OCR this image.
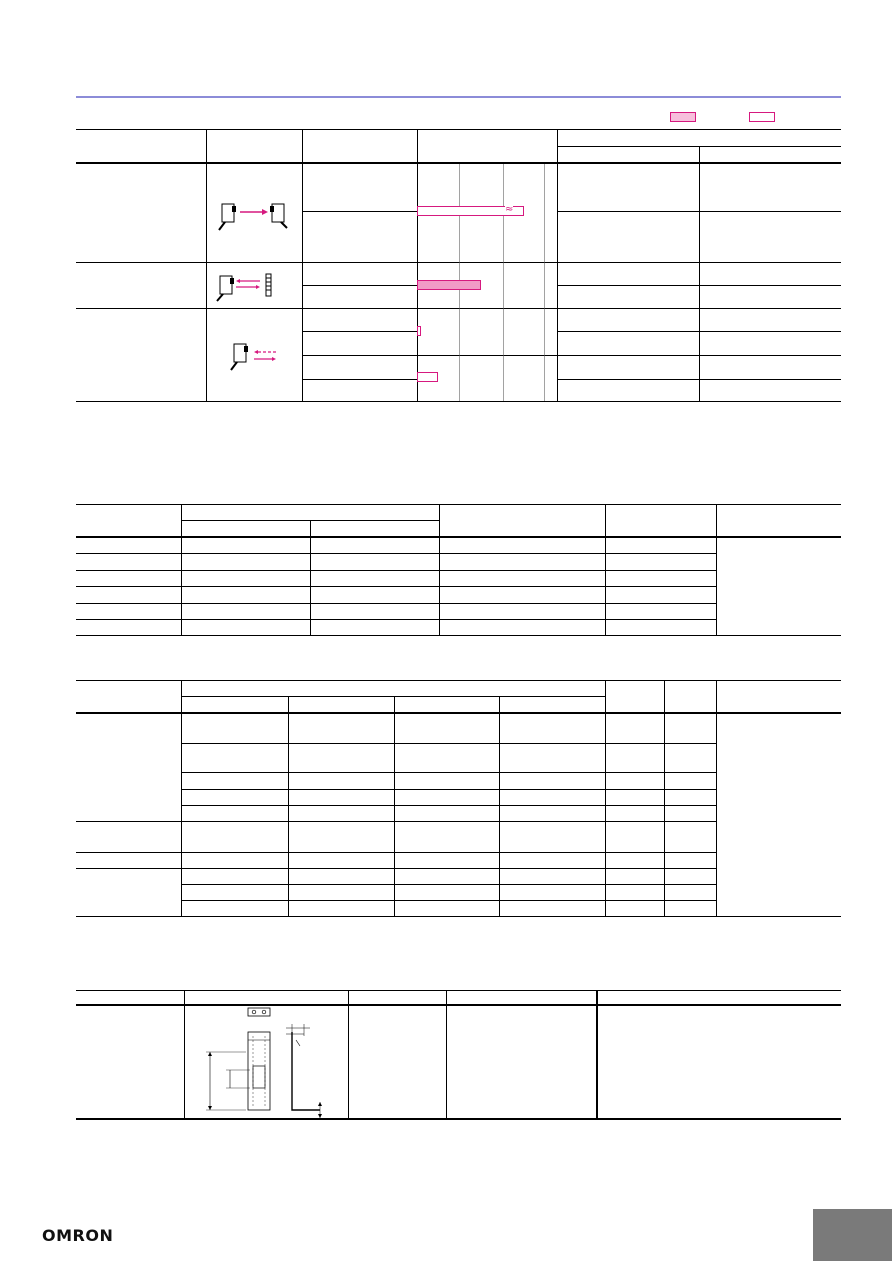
≈
OMRON
